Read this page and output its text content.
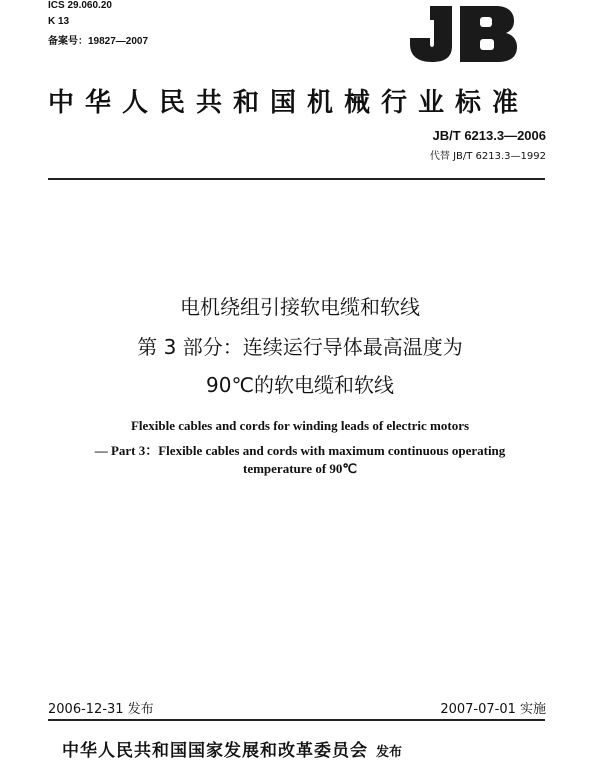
ICS 29.060.20
K 13
备案号：19827—2007
中华人民共和国机械行业标准
JB/T 6213.3—2006
代替 JB/T 6213.3—1992
电机绕组引接软电缆和软线
第 3 部分：连续运行导体最高温度为
90℃的软电缆和软线
Flexible cables and cords for winding leads of electric motors
— Part 3：Flexible cables and cords with maximum continuous operating
temperature of 90℃
2006-12-31 发布	2007-07-01 实施
中华人民共和国国家发展和改革委员会 发布
